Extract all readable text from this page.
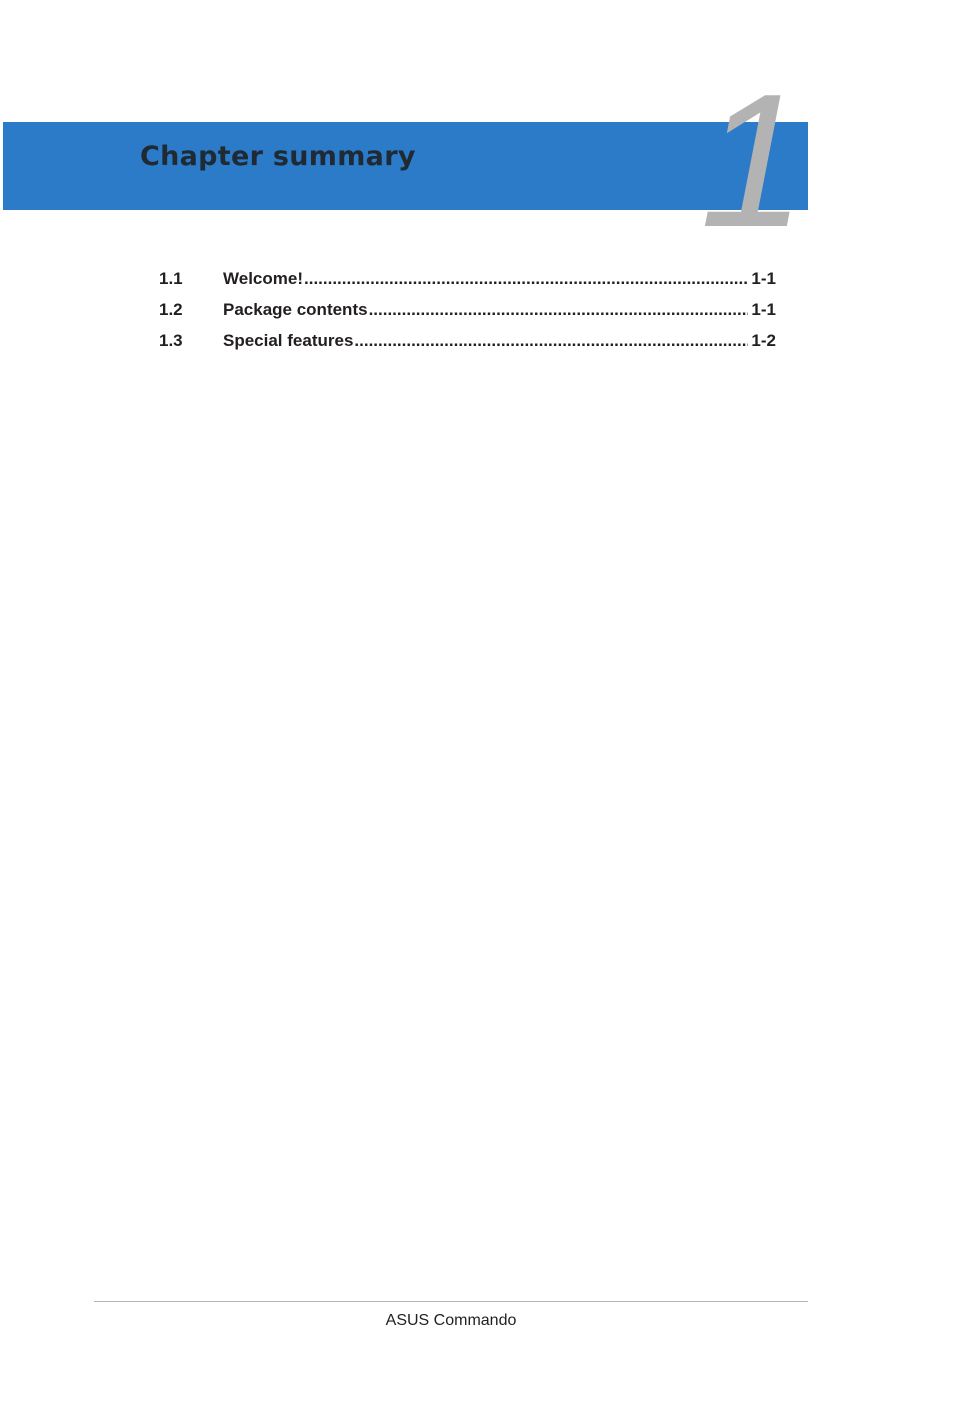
Chapter summary 1
1.1	Welcome! .....	1-1
1.2	Package contents .....	1-1
1.3	Special features .....	1-2
ASUS Commando
